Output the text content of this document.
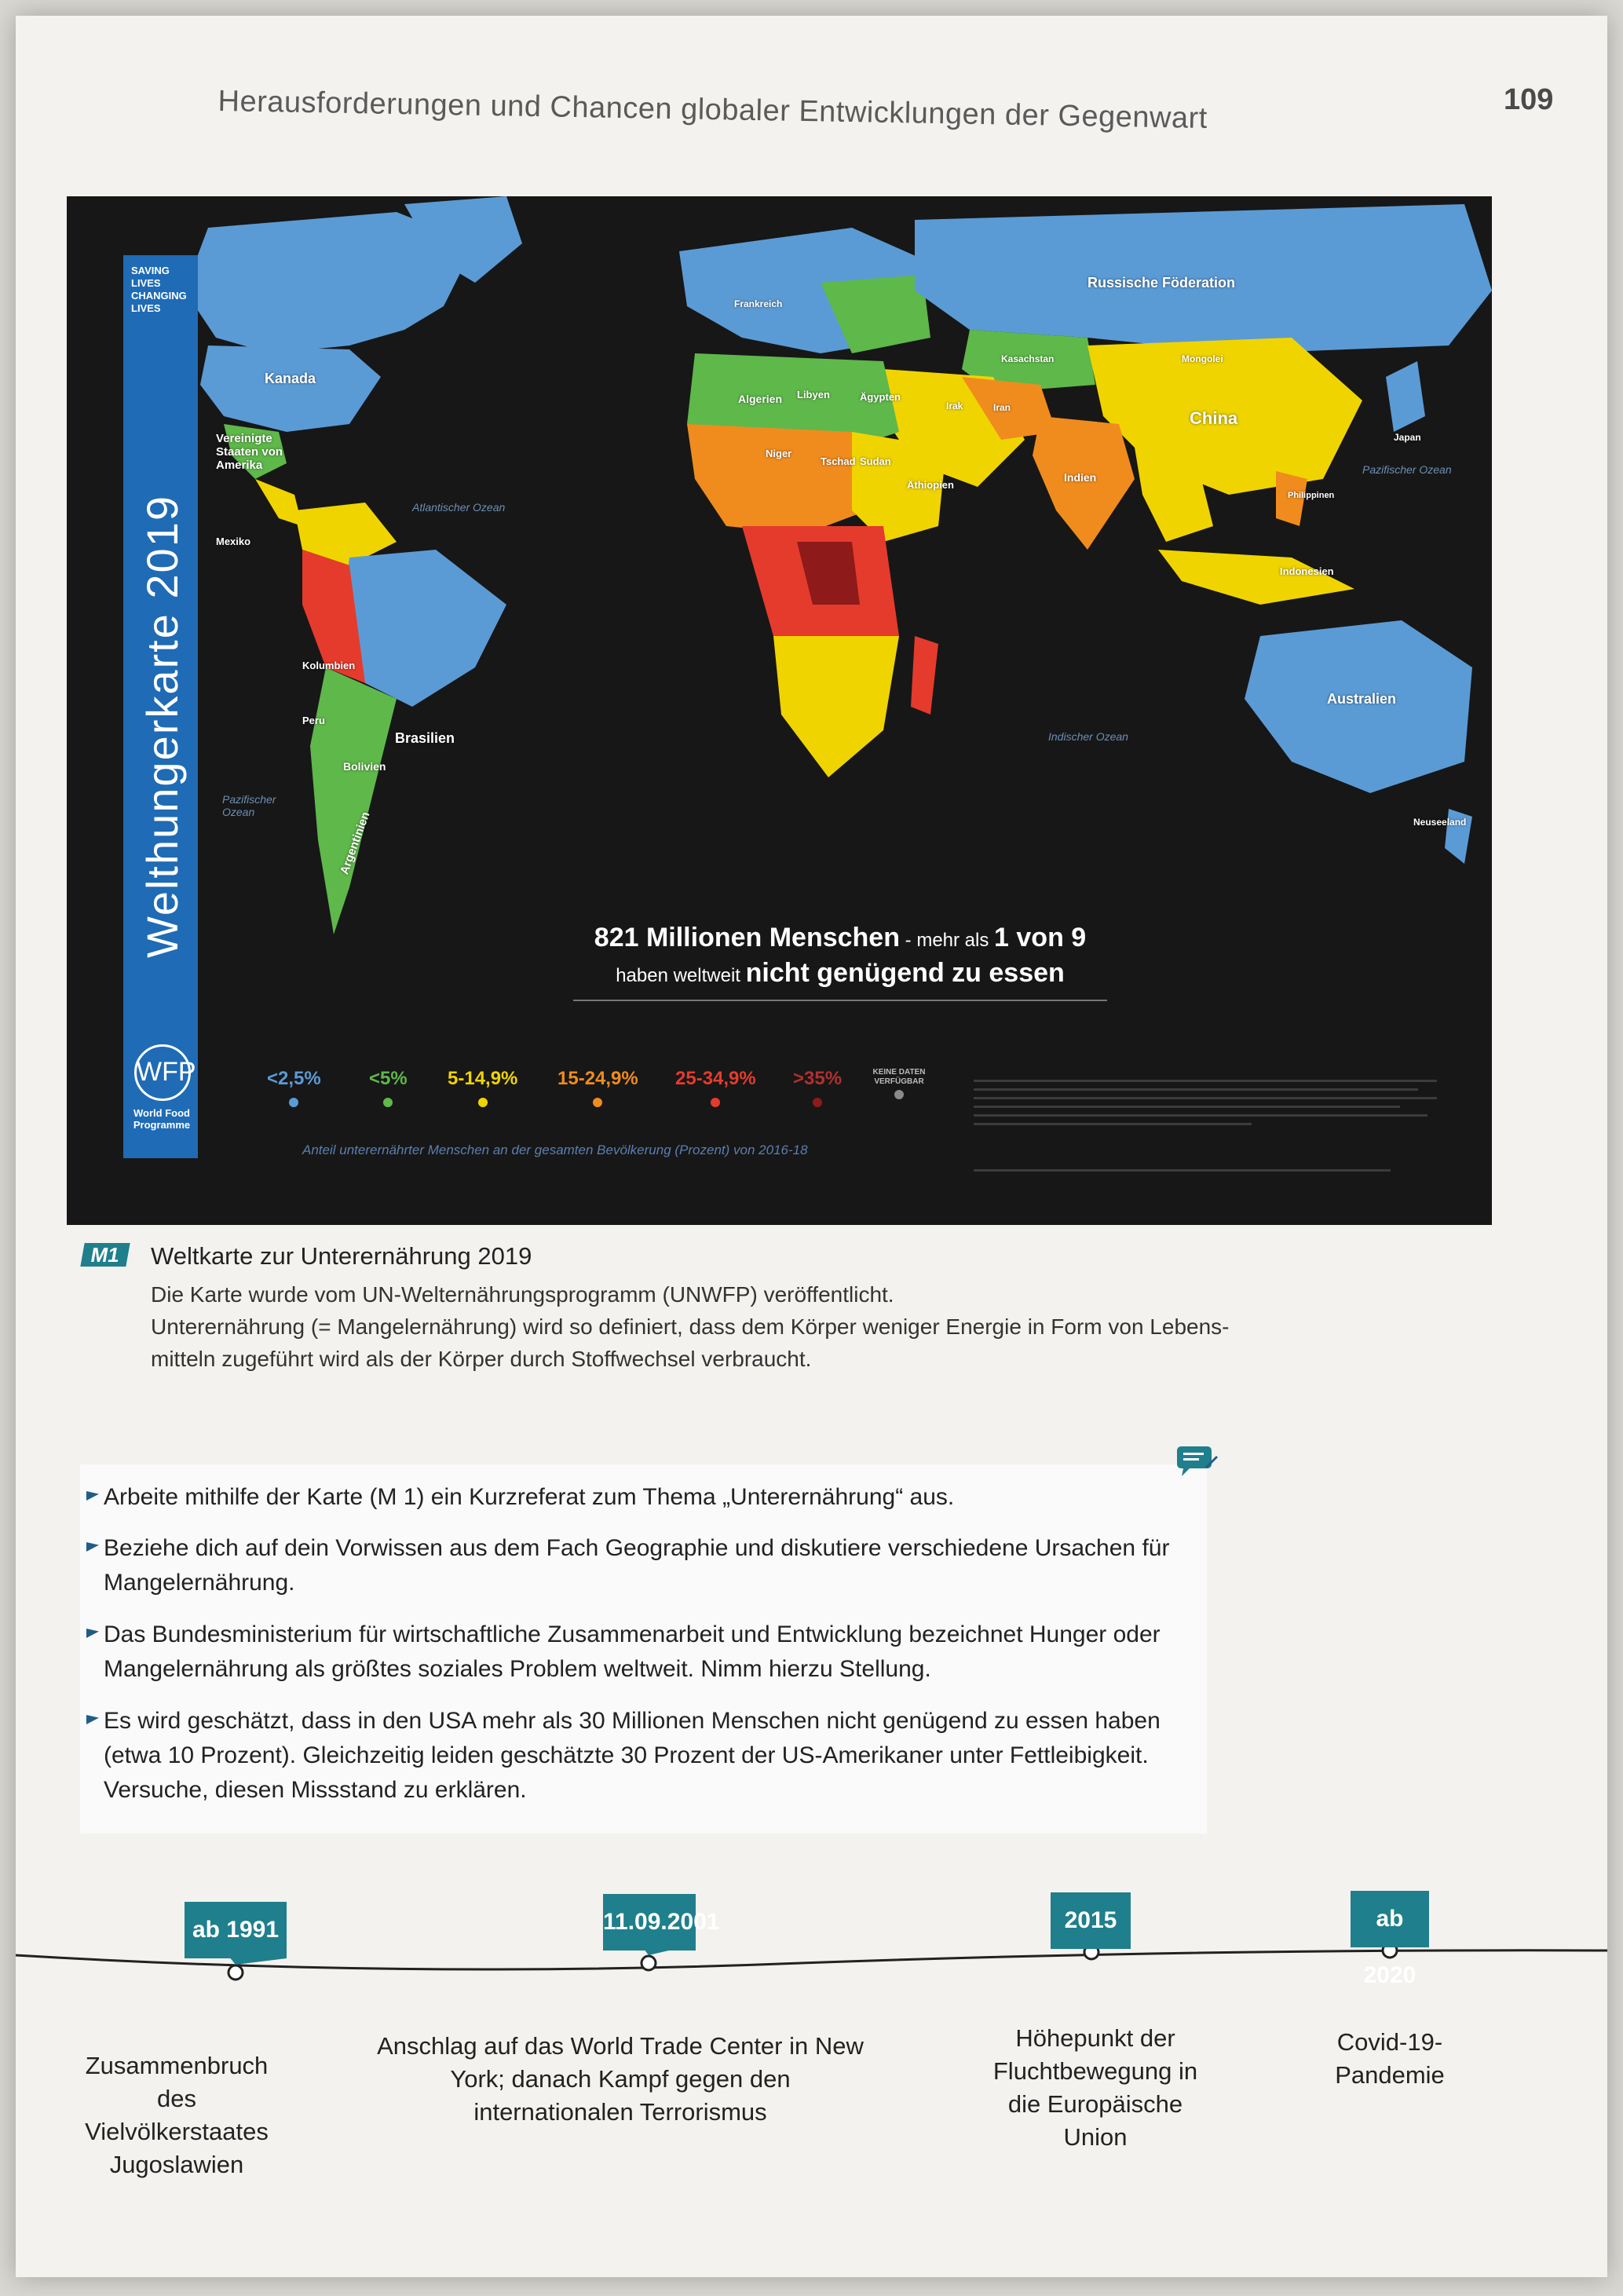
Herausforderungen und Chancen globaler Entwicklungen der Gegenwart	109
SAVING LIVES CHANGING LIVES
Welthungerkarte 2019
WFP
World Food Programme
Kanada
Vereinigte Staaten von Amerika
Mexiko
Kolumbien
Brasilien
Bolivien
Peru
Argentinien
Russische Föderation
China
Kasachstan
Japan
Indien
Indonesien
Australien
Neuseeland
Algerien Libyen	Ägypten
Niger
Tschad Sudan
Äthiopien
Irak	Iran
Philippinen
Mongolei
Frankreich
Atlantischer Ozean
Pazifischer Ozean
Indischer Ozean
Pazifischer Ozean
821 Millionen Menschen - mehr als 1 von 9
haben weltweit nicht genügend zu essen
<2,5%	<5% 5-14,9% 15-24,9% 25-34,9% >35%	KEINE DATEN VERFÜGBAR
Anteil unterernährter Menschen an der gesamten Bevölkerung (Prozent) von 2016-18
M1	Weltkarte zur Unterernährung 2019
Die Karte wurde vom UN-Welternährungsprogramm (UNWFP) veröffentlicht.
Unterernährung (= Mangelernährung) wird so definiert, dass dem Körper weniger Energie in Form von Lebens-
mitteln zugeführt wird als der Körper durch Stoffwechsel verbraucht.
Arbeite mithilfe der Karte (M 1) ein Kurzreferat zum Thema „Unterernährung“ aus.
Beziehe dich auf dein Vorwissen aus dem Fach Geographie und diskutiere verschiedene Ursachen für Mangelernährung.
Das Bundesministerium für wirtschaftliche Zusammenarbeit und Entwicklung bezeichnet Hunger oder Mangelernährung als größtes soziales Problem weltweit. Nimm hierzu Stellung.
Es wird geschätzt, dass in den USA mehr als 30 Millionen Menschen nicht genügend zu essen haben (etwa 10 Prozent). Gleichzeitig leiden geschätzte 30 Prozent der US-Amerikaner unter Fettleibigkeit. Versuche, diesen Missstand zu erklären.
ab 1991	11.09.2001	2015	ab 2020
Zusammenbruch des Vielvölkerstaates Jugoslawien
Anschlag auf das World Trade Center in New York; danach Kampf gegen den internationalen Terrorismus
Höhepunkt der Fluchtbewegung in die Europäische Union
Covid-19-Pandemie
